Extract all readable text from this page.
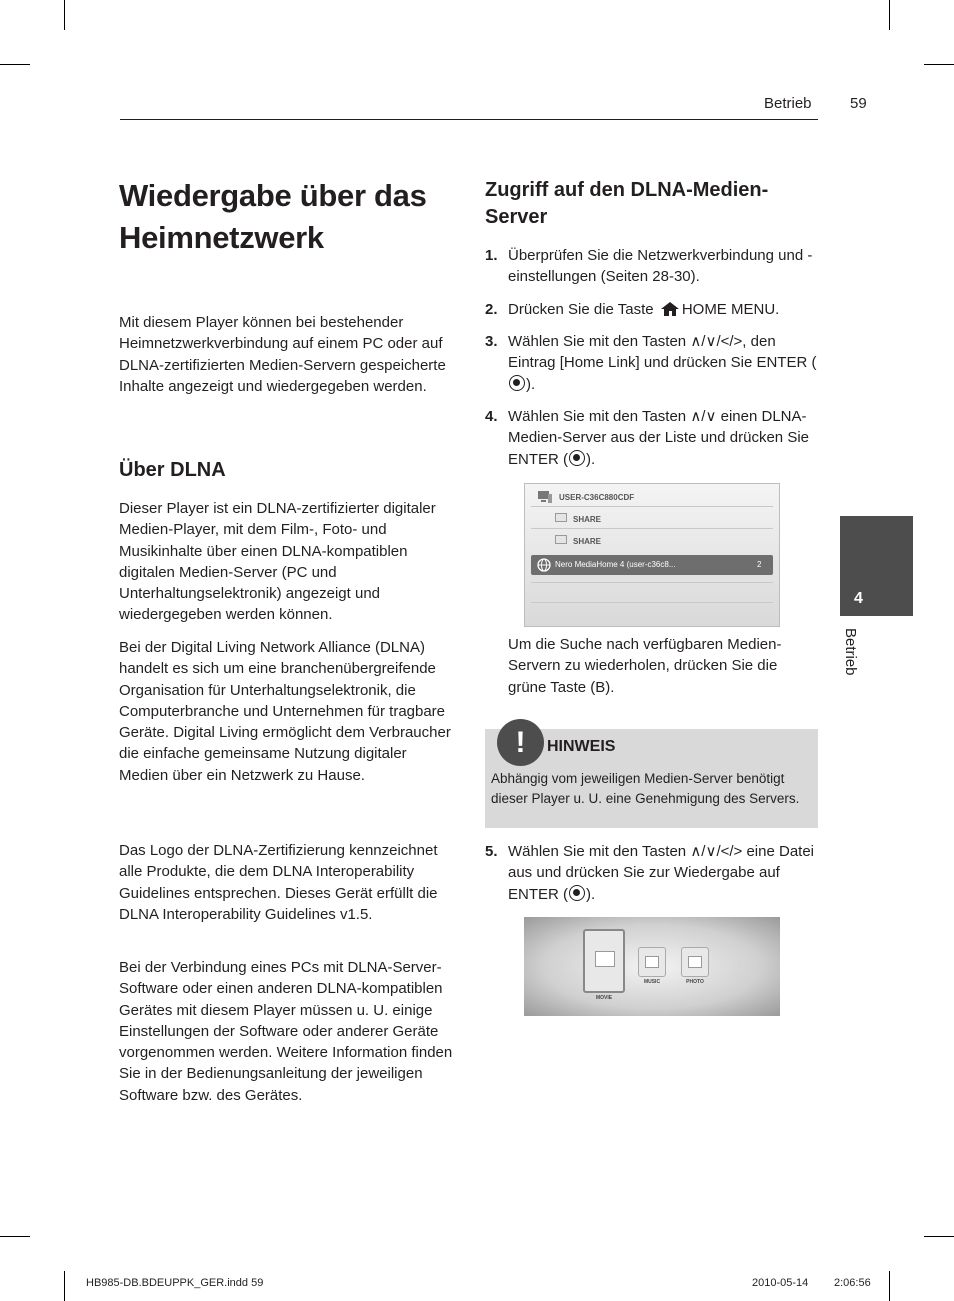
Betrieb	59
Wiedergabe über das Heimnetzwerk

Mit diesem Player können bei bestehender Heimnetzwerkverbindung auf einem PC oder auf DLNA-zertifizierten Medien-Servern gespeicherte Inhalte angezeigt und wiedergegeben werden.

Über DLNA

Dieser Player ist ein DLNA-zertifizierter digitaler Medien-Player, mit dem Film-, Foto- und Musikinhalte über einen DLNA-kompatiblen digitalen Medien-Server (PC und Unterhaltungselektronik) angezeigt und wiedergegeben werden können.

Bei der Digital Living Network Alliance (DLNA) handelt es sich um eine branchenübergreifende Organisation für Unterhaltungselektronik, die Computerbranche und Unternehmen für tragbare Geräte. Digital Living ermöglicht dem Verbraucher die einfache gemeinsame Nutzung digitaler Medien über ein Netzwerk zu Hause.

Das Logo der DLNA-Zertifizierung kennzeichnet alle Produkte, die dem DLNA Interoperability Guidelines entsprechen. Dieses Gerät erfüllt die DLNA Interoperability Guidelines v1.5.

Bei der Verbindung eines PCs mit DLNA-Server-Software oder einen anderen DLNA-kompatiblen Gerätes mit diesem Player müssen u. U. einige Einstellungen der Software oder anderer Geräte vorgenommen werden. Weitere Information finden Sie in der Bedienungsanleitung der jeweiligen Software bzw. des Gerätes.

Zugriff auf den DLNA-Medien-Server
1. Überprüfen Sie die Netzwerkverbindung und -einstellungen (Seiten 28-30).
2. Drücken Sie die Taste HOME MENU.
3. Wählen Sie mit den Tasten ∧/∨/</>, den Eintrag [Home Link] und drücken Sie ENTER ().
4. Wählen Sie mit den Tasten ∧/∨ einen DLNA-Medien-Server aus der Liste und drücken Sie ENTER ( ).
USER-C36C880CDF
SHARE
SHARE
Nero MediaHome 4 (user-c36c8...	2

Um die Suche nach verfügbaren Medien-Servern zu wiederholen, drücken Sie die grüne Taste (B).

!	HINWEIS

Abhängig vom jeweiligen Medien-Server benötigt dieser Player u. U. eine Genehmigung des Servers.

5. Wählen Sie mit den Tasten ∧/∨/</> eine Datei aus und drücken Sie zur Wiedergabe auf ENTER ( ).
MOVIE
MUSIC	PHOTO
4
Betrieb
HB985-DB.BDEUPPK_GER.indd 59	2010-05-14 2:06:56
